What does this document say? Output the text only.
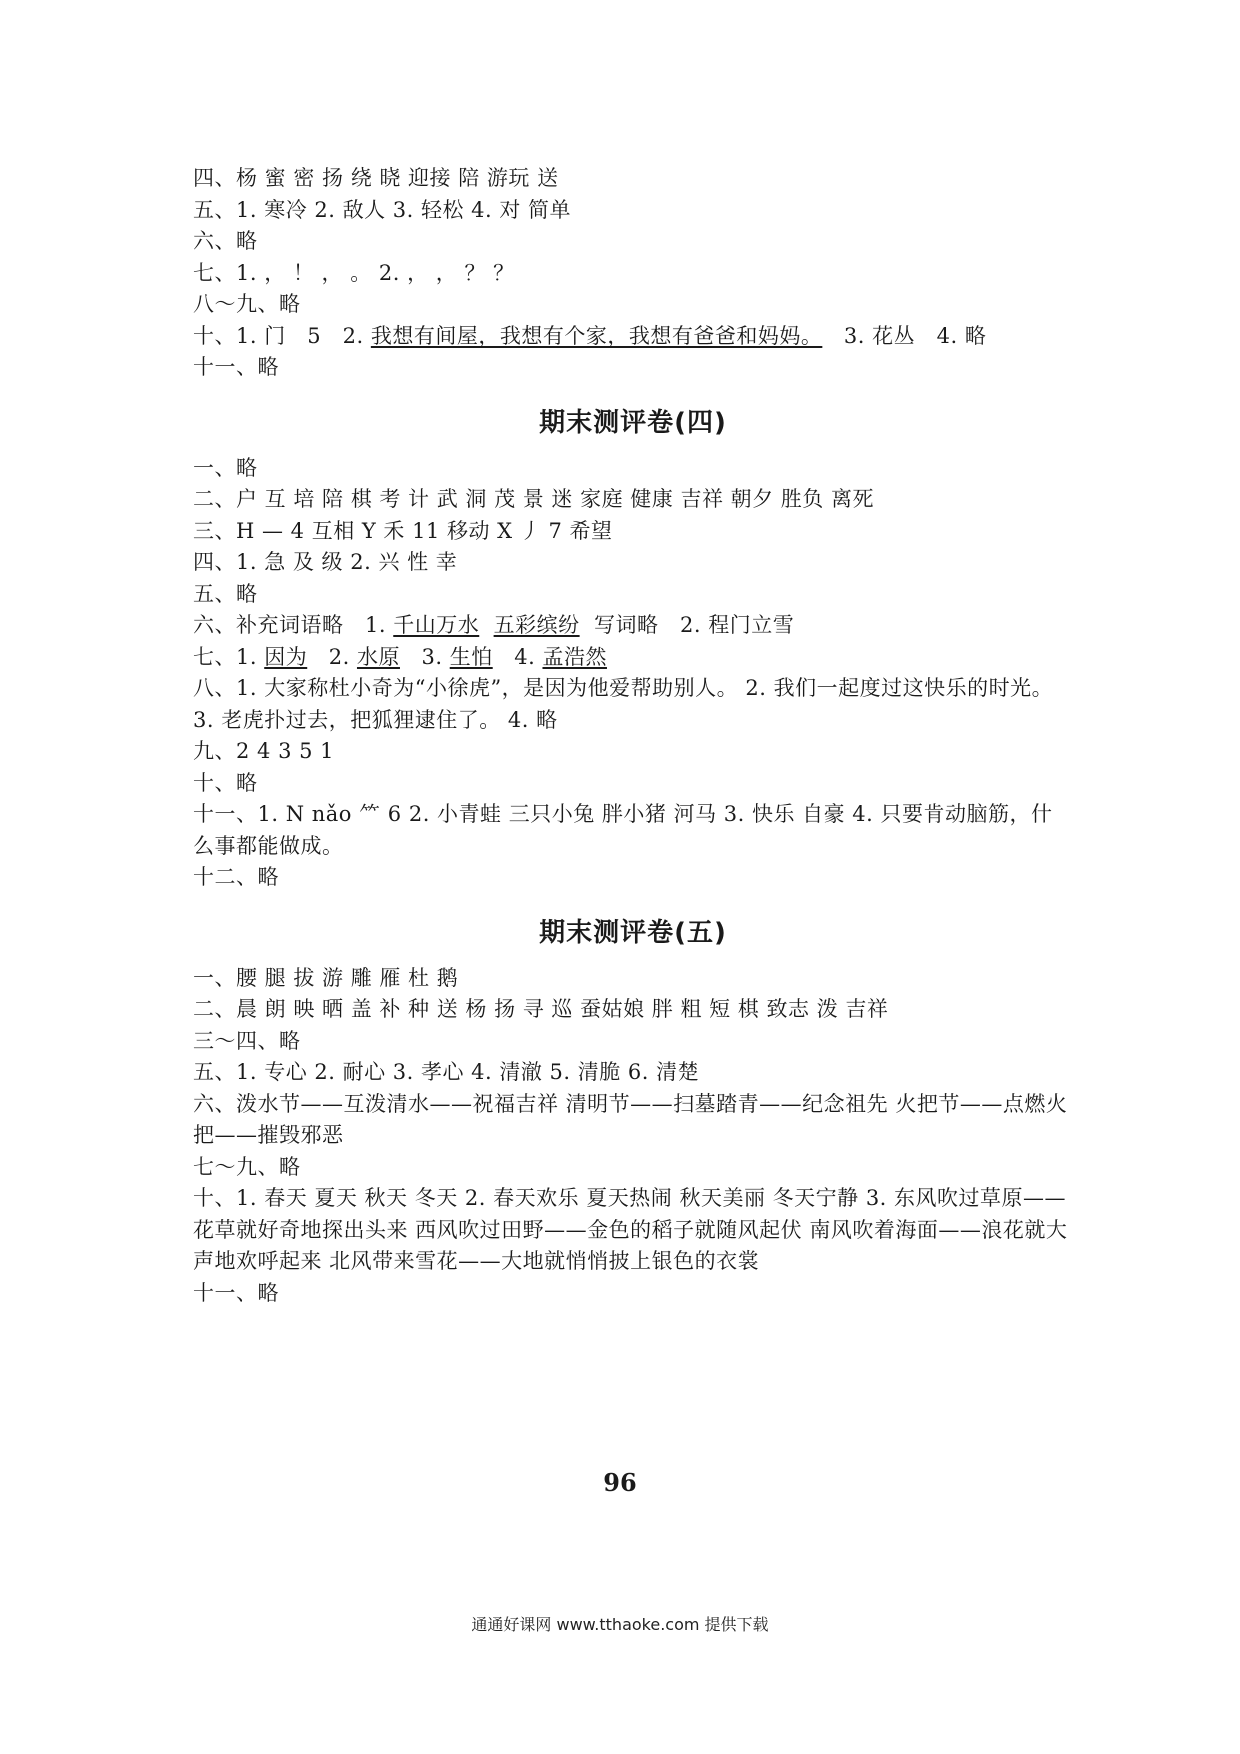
四、杨 蜜 密 扬 绕 晓 迎接 陪 游玩 送
五、1. 寒冷 2. 敌人 3. 轻松 4. 对 简单
六、略
七、1. ， ！ ， 。 2. ， ， ？ ？
八～九、略
十、1. 门   5   2. 我想有间屋，我想有个家，我想有爸爸和妈妈。   3. 花丛   4. 略
十一、略
期末测评卷(四)
一、略
二、户 互 培 陪 棋 考 计 武 洞 茂 景 迷 家庭 健康 吉祥 朝夕 胜负 离死
三、H — 4 互相 Y 禾 11 移动 X 丿 7 希望
四、1. 急 及 级 2. 兴 性 幸
五、略
六、补充词语略   1. 千山万水 五彩缤纷  写词略   2. 程门立雪
七、1. 因为   2. 水原   3. 生怕   4. 孟浩然
八、1. 大家称杜小奇为“小徐虎”，是因为他爱帮助别人。 2. 我们一起度过这快乐的时光。
3. 老虎扑过去，把狐狸逮住了。 4. 略
九、2 4 3 5 1
十、略
十一、1. N nǎo ⺮ 6 2. 小青蛙 三只小兔 胖小猪 河马 3. 快乐 自豪 4. 只要肯动脑筋，什么事都能做成。
十二、略
期末测评卷(五)
一、腰 腿 拔 游 雕 雁 杜 鹅
二、晨 朗 映 晒 盖 补 种 送 杨 扬 寻 巡 蚕姑娘 胖 粗 短 棋 致志 泼 吉祥
三～四、略
五、1. 专心 2. 耐心 3. 孝心 4. 清澈 5. 清脆 6. 清楚
六、泼水节——互泼清水——祝福吉祥 清明节——扫墓踏青——纪念祖先 火把节——点燃火把——摧毁邪恶
七～九、略
十、1. 春天 夏天 秋天 冬天 2. 春天欢乐 夏天热闹 秋天美丽 冬天宁静 3. 东风吹过草原——花草就好奇地探出头来 西风吹过田野——金色的稻子就随风起伏 南风吹着海面——浪花就大声地欢呼起来 北风带来雪花——大地就悄悄披上银色的衣裳
十一、略
96
通通好课网 www.tthaoke.com 提供下载
